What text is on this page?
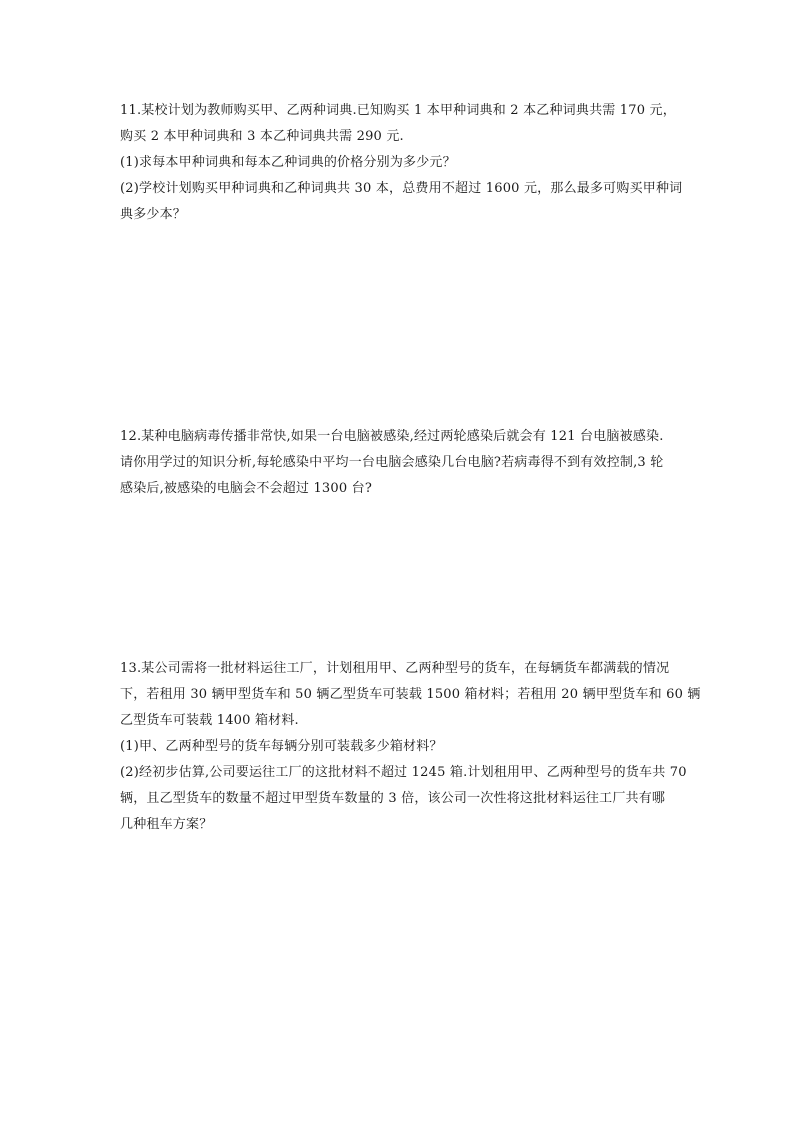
11.某校计划为教师购买甲、乙两种词典.已知购买 1 本甲种词典和 2 本乙种词典共需 170 元，
购买 2 本甲种词典和 3 本乙种词典共需 290 元.
(1)求每本甲种词典和每本乙种词典的价格分别为多少元？
(2)学校计划购买甲种词典和乙种词典共 30 本，总费用不超过 1600 元，那么最多可购买甲种词
典多少本？
12.某种电脑病毒传播非常快,如果一台电脑被感染,经过两轮感染后就会有 121 台电脑被感染.
请你用学过的知识分析,每轮感染中平均一台电脑会感染几台电脑?若病毒得不到有效控制,3 轮
感染后,被感染的电脑会不会超过 1300 台?
13.某公司需将一批材料运往工厂，计划租用甲、乙两种型号的货车，在每辆货车都满载的情况
下，若租用 30 辆甲型货车和 50 辆乙型货车可装载 1500 箱材料；若租用 20 辆甲型货车和 60 辆
乙型货车可装载 1400 箱材料.
(1)甲、乙两种型号的货车每辆分别可装载多少箱材料？
(2)经初步估算,公司要运往工厂的这批材料不超过 1245 箱.计划租用甲、乙两种型号的货车共 70
辆，且乙型货车的数量不超过甲型货车数量的 3 倍，该公司一次性将这批材料运往工厂共有哪
几种租车方案？
